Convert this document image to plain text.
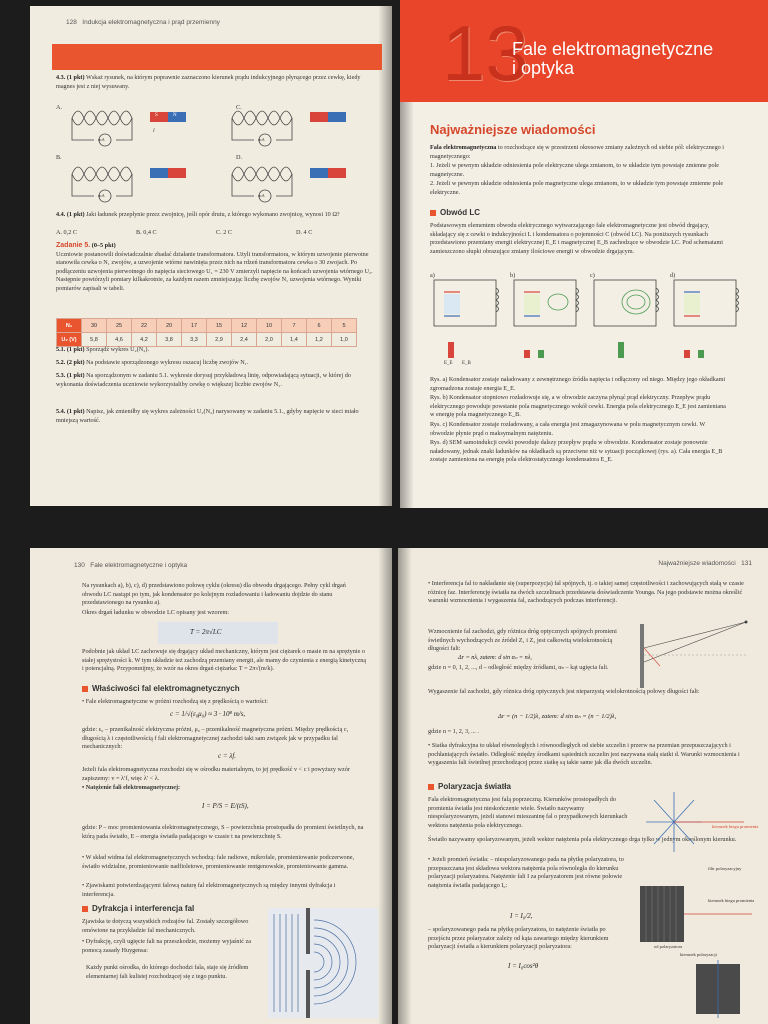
128 Indukcja elektromagnetyczna i prąd przemienny
4.3. (1 pkt) Wskaż rysunek, na którym poprawnie zaznaczono kierunek prądu indukcyjnego płynącego przez cewkę, kiedy magnes jest z niej wysuwany.
A.	C.
B.	D.
mA	mA
mA	mA
S	N
I
4.4. (1 pkt) Jaki ładunek przepłynie przez zwojnicę, jeśli opór drutu, z którego wykonano zwojnicę, wynosi 10 Ω?
A. 0,2 C	B. 0,4 C	C. 2 C	D. 4 C
Zadanie 5. (0–5 pkt)
Uczniowie postanowili doświadczalnie zbadać działanie transformatora. Użyli transformatora, w którym uzwojenie pierwotne stanowiła cewka o N₁ zwojów, a uzwojenie wtórne nawinięta przez nich na rdzeń transformatora cewka o 30 zwojach. Po podłączeniu uzwojenia pierwotnego do napięcia sieciowego U₁ = 230 V zmierzyli napięcie na końcach uzwojenia wtórnego U₂. Następnie powtórzyli pomiary kilkakrotnie, za każdym razem zmniejszając liczbę zwojów N₁ uzwojenia wtórnego. Wyniki pomiarów zapisali w tabeli.
N₁	30	25	22	20	17	15	12	10	7	6	5
U₂ (V)	5,8	4,6	4,2	3,8	3,3	2,9	2,4	2,0	1,4	1,2	1,0
5.1. (1 pkt) Sporządź wykres U₂(N₂).
5.2. (2 pkt) Na podstawie sporządzonego wykresu oszacuj liczbę zwojów N₁.
5.3. (1 pkt) Na sporządzonym w zadaniu 5.1. wykresie dorysuj przykładową linię, odpowiadającą sytuacji, w której do wykonania doświadczenia uczniowie wykorzystaliby cewkę o większej liczbie zwojów N₁.
5.4. (1 pkt) Napisz, jak zmieniłby się wykres zależności U₂(N₂) narysowany w zadaniu 5.1., gdyby napięcie w sieci miało mniejszą wartość.
13
Fale elektromagnetyczne
i optyka
Najważniejsze wiadomości
Fala elektromagnetyczna to rozchodzące się w przestrzeni okresowe zmiany zależnych od siebie pól: elektrycznego i magnetycznego:
1. Jeżeli w pewnym układzie odniesienia pole elektryczne ulega zmianom, to w układzie tym powstaje zmienne pole magnetyczne.
2. Jeżeli w pewnym układzie odniesienia pole magnetyczne ulega zmianom, to w układzie tym powstaje zmienne pole elektryczne.
Obwód LC
Podstawowym elementem obwodu elektrycznego wytwarzającego fale elektromagnetyczne jest obwód drgający, składający się z cewki o indukcyjności L i kondensatora o pojemności C (obwód LC). Na poniższych rysunkach przedstawiono przemiany energii elektrycznej E_E i magnetycznej E_B zachodzące w obwodzie LC. Pod schematami zamieszczono słupki obrazujące zmiany ilościowe energii w obwodzie drgającym.
a)	b)	c)	d)
E_E E_B
Rys. a) Kondensator zostaje naładowany z zewnętrznego źródła napięcia i odłączony od niego. Między jego okładkami zgromadzona zostaje energia E_E.
Rys. b) Kondensator stopniowo rozładowuje się, a w obwodzie zaczyna płynąć prąd elektryczny. Przepływ prądu elektrycznego powoduje powstanie pola magnetycznego wokół cewki. Energia pola elektrycznego E_E jest zamieniana w energię pola magnetycznego E_B.
Rys. c) Kondensator zostaje rozładowany, a cała energia jest zmagazynowana w polu magnetycznym cewki. W obwodzie płynie prąd o maksymalnym natężeniu.
Rys. d) SEM samoindukcji cewki powoduje dalszy przepływ prądu w obwodzie. Kondensator zostaje ponownie naładowany, jednak znaki ładunków na okładkach są przeciwne niż w sytuacji początkowej (rys. a). Cała energia E_B zostaje zamieniona na energię pola elektrostatycznego kondensatora E_E.
130 Fale elektromagnetyczne i optyka
Na rysunkach a), b), c), d) przedstawiono połowę cyklu (okresu) dla obwodu drgającego. Pełny cykl drgań obwodu LC nastąpi po tym, jak kondensator po kolejnym rozładowaniu i ładowaniu dojdzie do stanu przedstawionego na rysunku a).
Okres drgań ładunku w obwodzie LC opisany jest wzorem:
T = 2π√LC
Podobnie jak układ LC zachowuje się drgający układ mechaniczny, którym jest ciężarek o masie m na sprężynie o stałej sprężystości k. W tym układzie też zachodzą przemiany energii, ale mamy do czynienia z energią kinetyczną i potencjalną. Przypomnijmy, że wzór na okres drgań ciężarka: T = 2π√(m/k).
Właściwości fal elektromagnetycznych
• Fale elektromagnetyczne w próżni rozchodzą się z prędkością o wartości:
c = 1/√(ε₀μ₀) ≈ 3 · 10⁸ m/s,
gdzie: ε₀ – przenikalność elektryczna próżni, μ₀ – przenikalność magnetyczna próżni. Między prędkością c, długością λ i częstotliwością f fali elektromagnetycznej zachodzi taki sam związek jak w przypadku fal mechanicznych:
c = λf.
Jeżeli fala elektromagnetyczna rozchodzi się w ośrodku materialnym, to jej prędkość v < c i powyższy wzór zapiszemy: v = λ′f, więc λ′ < λ.
• Natężenie fali elektromagnetycznej:
I = P/S = E/(tS),
gdzie: P – moc promieniowania elektromagnetycznego, S – powierzchnia prostopadła do promieni świetlnych, na którą pada światło, E – energia światła padającego w czasie t na powierzchnię S.
• W skład widma fal elektromagnetycznych wchodzą: fale radiowe, mikrofale, promieniowanie podczerwone, światło widzialne, promieniowanie nadfioletowe, promieniowanie rentgenowskie, promieniowanie gamma.
• Zjawiskami potwierdzającymi falową naturę fal elektromagnetycznych są między innymi dyfrakcja i interferencja.
Dyfrakcja i interferencja fal
Zjawiska te dotyczą wszystkich rodzajów fal. Zostały szczegółowo omówione na przykładzie fal mechanicznych.
• Dyfrakcję, czyli ugięcie fali na przeszkodzie, możemy wyjaśnić za pomocą zasady Huygensa:
Każdy punkt ośrodka, do którego dochodzi fala, staje się źródłem elementarnej fali kulistej rozchodzącej się z tego punktu.
Najważniejsze wiadomości 131
• Interferencja fal to nakładanie się (superpozycja) fal spójnych, tj. o takiej samej częstotliwości i zachowujących stałą w czasie różnicę faz. Interferencję światła na dwóch szczelinach przedstawia doświadczenie Younga. Na jego podstawie można określić warunki wzmocnienia i wygaszenia fal, zachodzących podczas interferencji.
Wzmocnienie fal zachodzi, gdy różnica dróg optycznych spójnych promieni świetlnych wychodzących ze źródeł Z₁ i Z₂ jest całkowitą wielokrotnością długości fali:
Δr = nλ, zatem: d sin αₙ = nλ,
gdzie n = 0, 1, 2, ..., d – odległość między źródłami, αₙ – kąt ugięcia fali.
Wygaszenie fal zachodzi, gdy różnica dróg optycznych jest nieparzystą wielokrotnością połowy długości fali:
Δr = (n − 1/2)λ, zatem: d sin αₙ = (n − 1/2)λ,
gdzie n = 1, 2, 3, ... .
• Siatka dyfrakcyjna to układ równoległych i równoodległych od siebie szczelin i przerw na przemian przepuszczających i pochłaniających światło. Odległość między środkami sąsiednich szczelin jest nazywana stałą siatki d. Warunki wzmocnienia i wygaszenia fali świetlnej przechodzącej przez siatkę są takie same jak dla dwóch szczelin.
Polaryzacja światła
Fala elektromagnetyczna jest falą poprzeczną. Kierunków prostopadłych do promienia światła jest nieskończenie wiele. Światło nazywamy niespolaryzowanym, jeżeli stanowi mieszaninę fal o przypadkowych kierunkach wektora natężenia pola elektrycznego.
Światło nazywamy spolaryzowanym, jeżeli wektor natężenia pola elektrycznego drga tylko w jednym określonym kierunku.
• Jeżeli promień światła: – niespolaryzowanego pada na płytkę polaryzatora, to przepuszczana jest składowa wektora natężenia pola równoległa do kierunku polaryzacji polaryzatora. Natężenie fali I za polaryzatorem jest równe połowie natężenia światła padającego I₀:
I = I₀/2,
– spolaryzowanego pada na płytkę polaryzatora, to natężenie światła po przejściu przez polaryzator zależy od kąta zawartego między kierunkiem polaryzacji światła a kierunkiem polaryzacji polaryzatora:
I = I₀cos²θ
kierunek biegu promienia
filtr polaryzacyjny
kierunek biegu promienia
od polaryzatora
kierunek polaryzacji
